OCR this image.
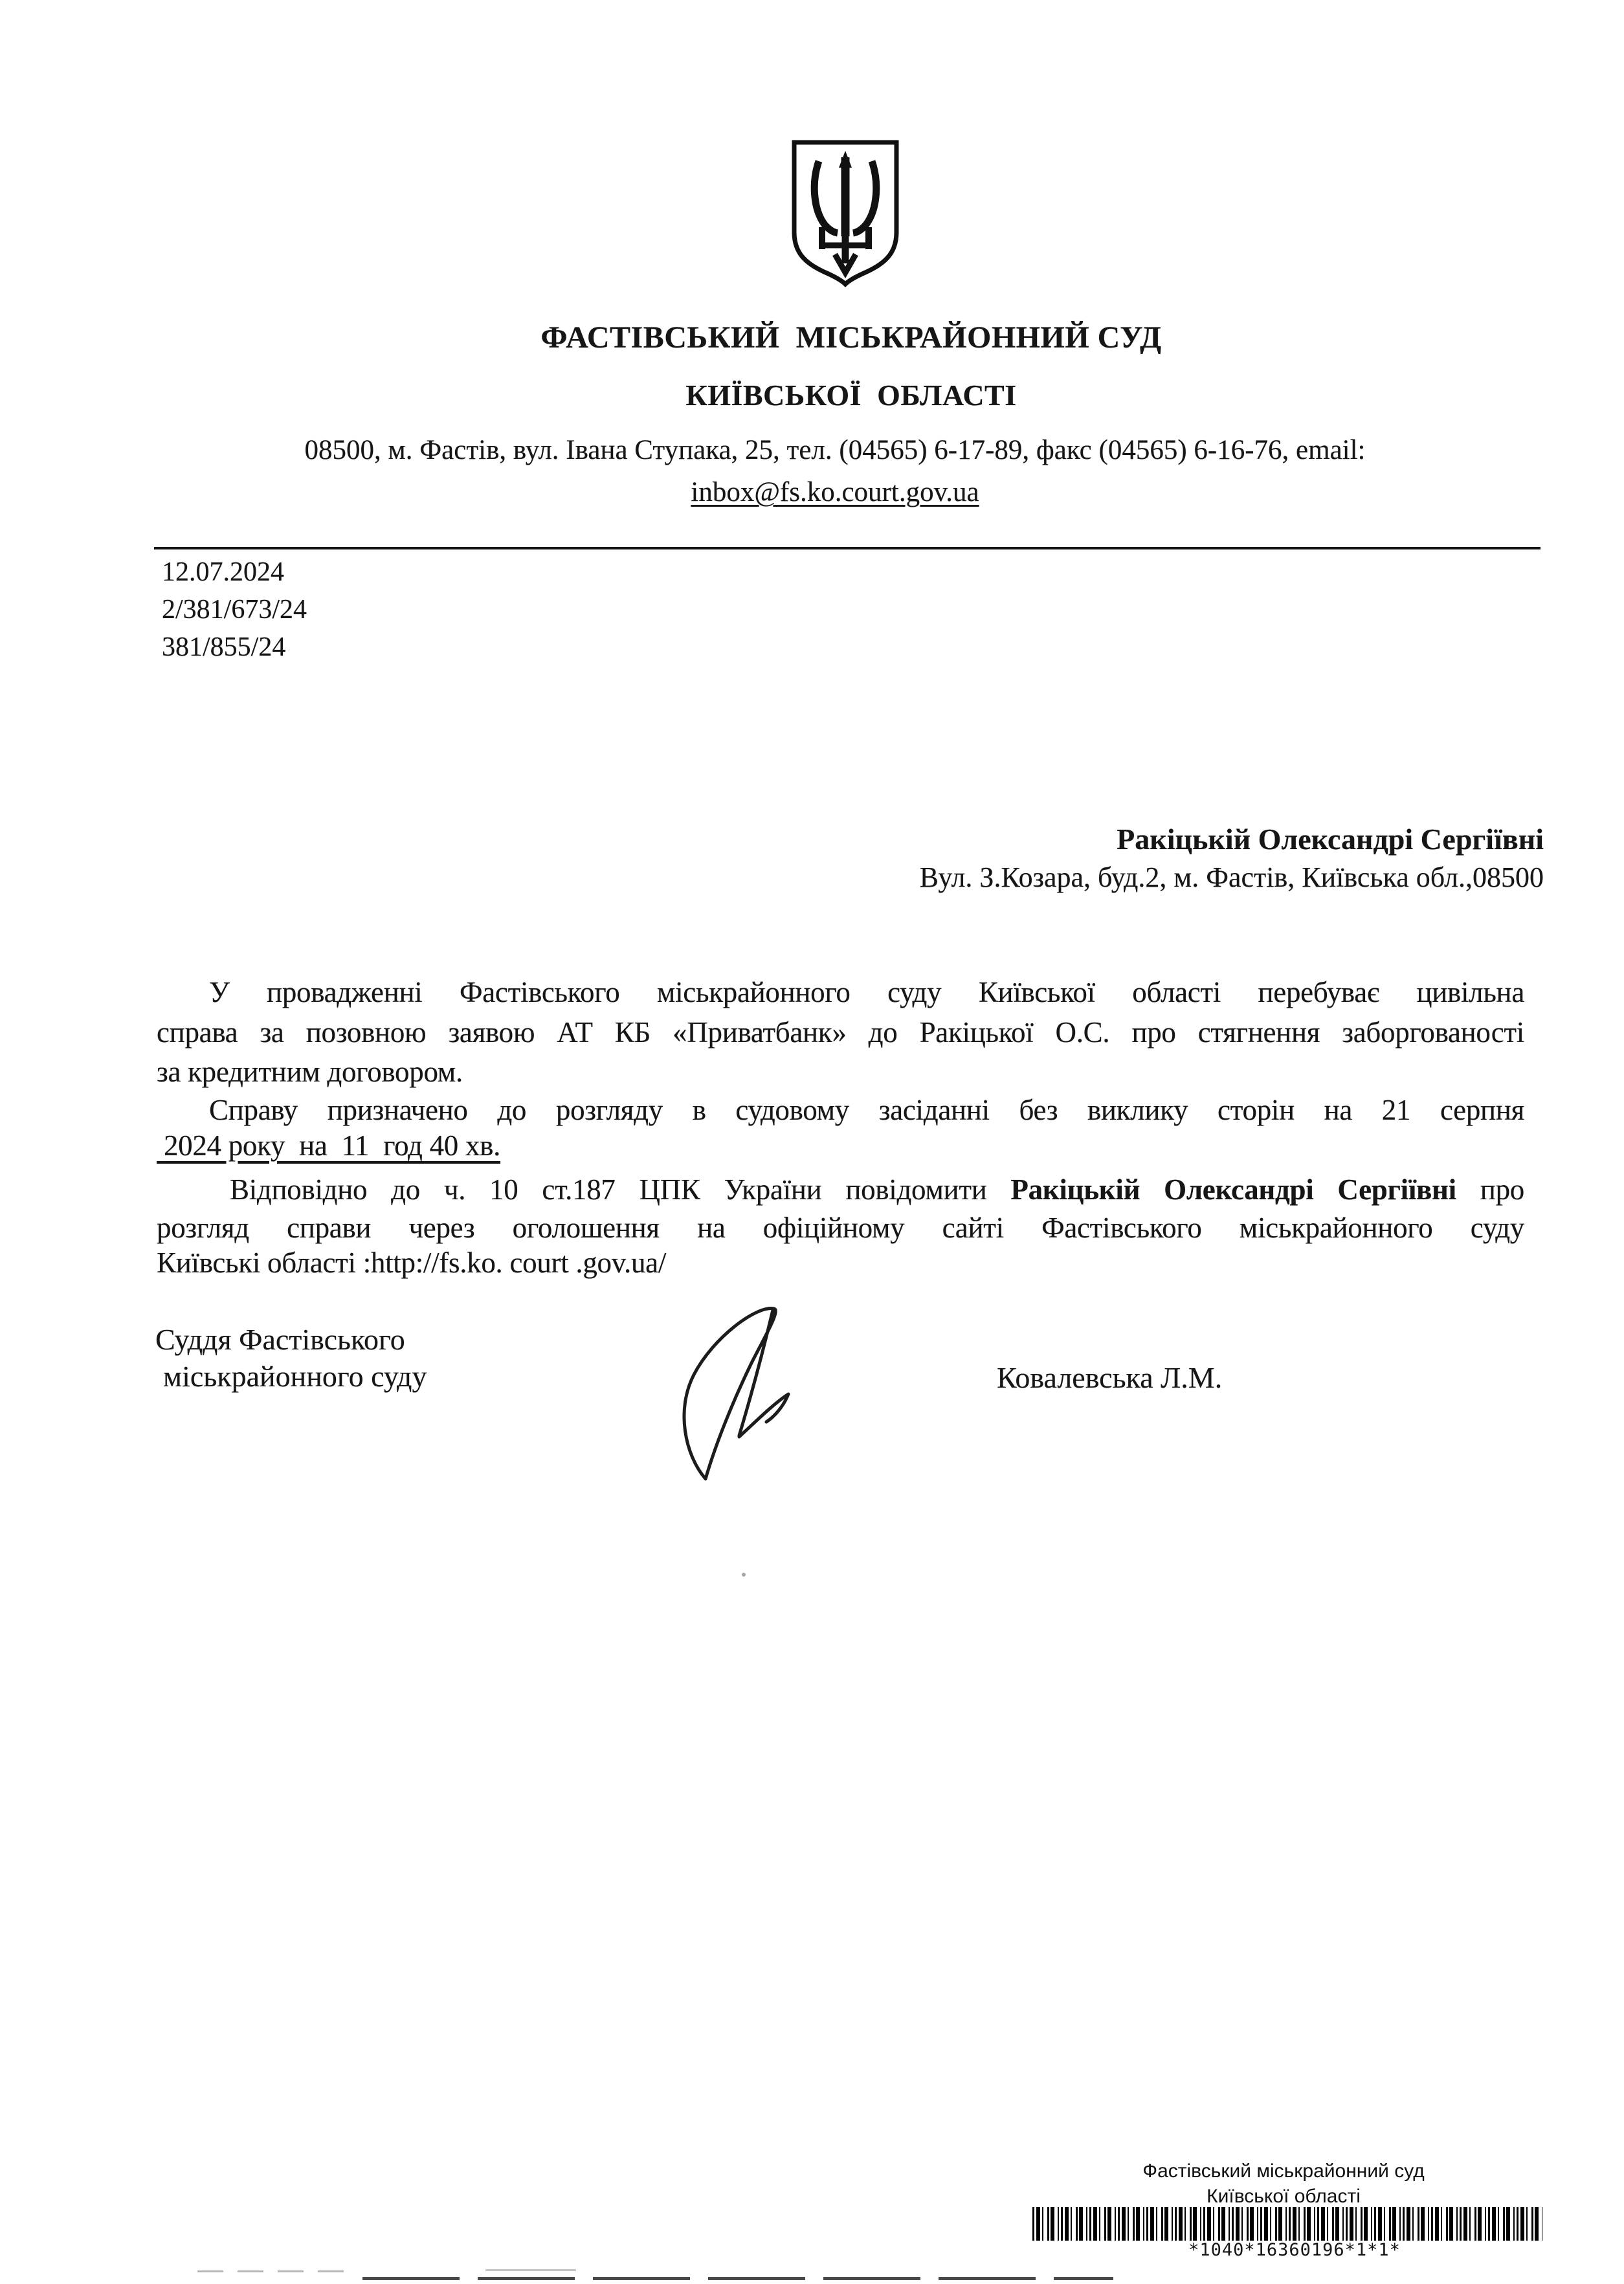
ФАСТІВСЬКИЙ  МІСЬКРАЙОННИЙ СУД
КИЇВСЬКОЇ  ОБЛАСТІ
08500, м. Фастів, вул. Івана Ступака, 25, тел. (04565) 6-17-89, факс (04565) 6-16-76, email:
inbox@fs.ko.court.gov.ua
12.07.2024
2/381/673/24
381/855/24
Ракіцькій Олександрі Сергіївні
Вул. З.Козара, буд.2, м. Фастів, Київська обл.,08500
У провадженні Фастівського міськрайонного суду Київської області перебуває цивільна
справа за позовною заявою АТ КБ «Приватбанк» до Ракіцької О.С. про стягнення заборгованості
за кредитним договором.
Справу призначено до розгляду в судовому засіданні без виклику сторін на 21 серпня
2024 року  на  11  год 40 хв.
Відповідно до ч. 10 ст.187 ЦПК України повідомити Ракіцькій Олександрі Сергіївні про
розгляд справи через оголошення на офіційному сайті Фастівського міськрайонного суду
Київські області :http://fs.ko. court .gov.ua/
Суддя Фастівського
міськрайонного суду	Ковалевська Л.М.
Фастівський міськрайонний суд
Київської області
*1040*16360196*1*1*
